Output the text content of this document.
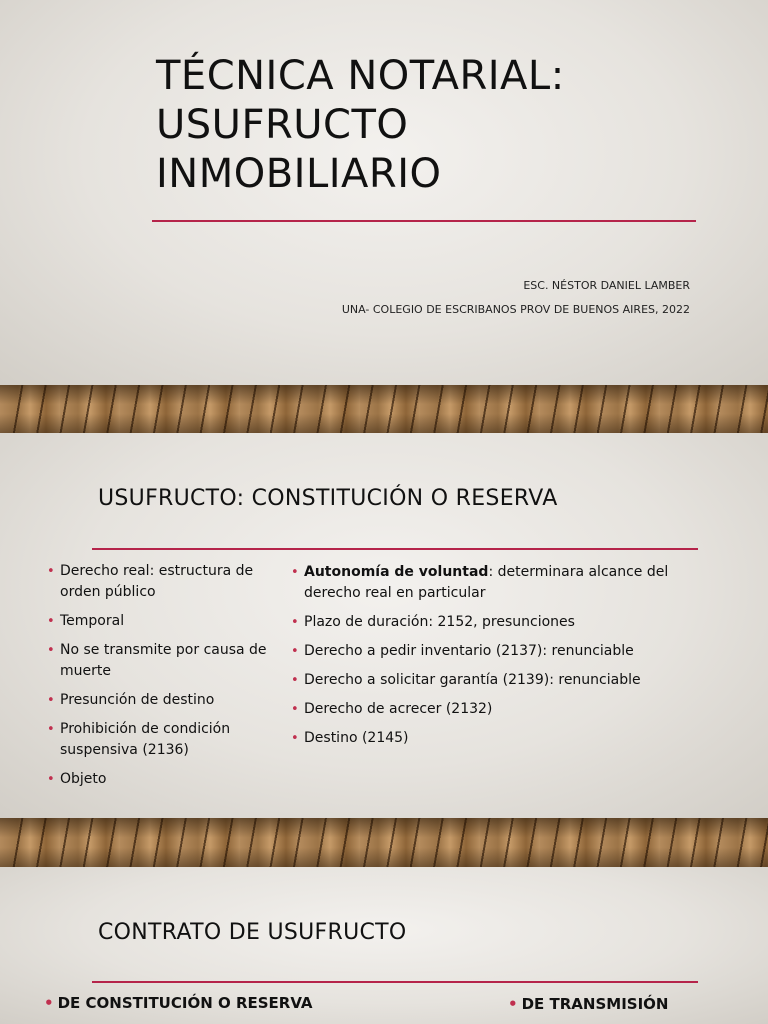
TÉCNICA NOTARIAL:
USUFRUCTO
INMOBILIARIO
ESC. NÉSTOR DANIEL LAMBER
UNA- COLEGIO DE ESCRIBANOS PROV DE BUENOS AIRES, 2022
USUFRUCTO: CONSTITUCIÓN O RESERVA
• Derecho real: estructura de orden público
• Temporal
• No se transmite por causa de muerte
• Presunción de destino
• Prohibición de condición suspensiva (2136)
• Objeto
• Autonomía de voluntad: determinara alcance del derecho real en particular
• Plazo de duración: 2152, presunciones
• Derecho a pedir inventario (2137): renunciable
• Derecho a solicitar garantía (2139): renunciable
• Derecho de acrecer (2132)
• Destino (2145)
CONTRATO DE USUFRUCTO
• DE CONSTITUCIÓN O RESERVA	• DE TRANSMISIÓN
